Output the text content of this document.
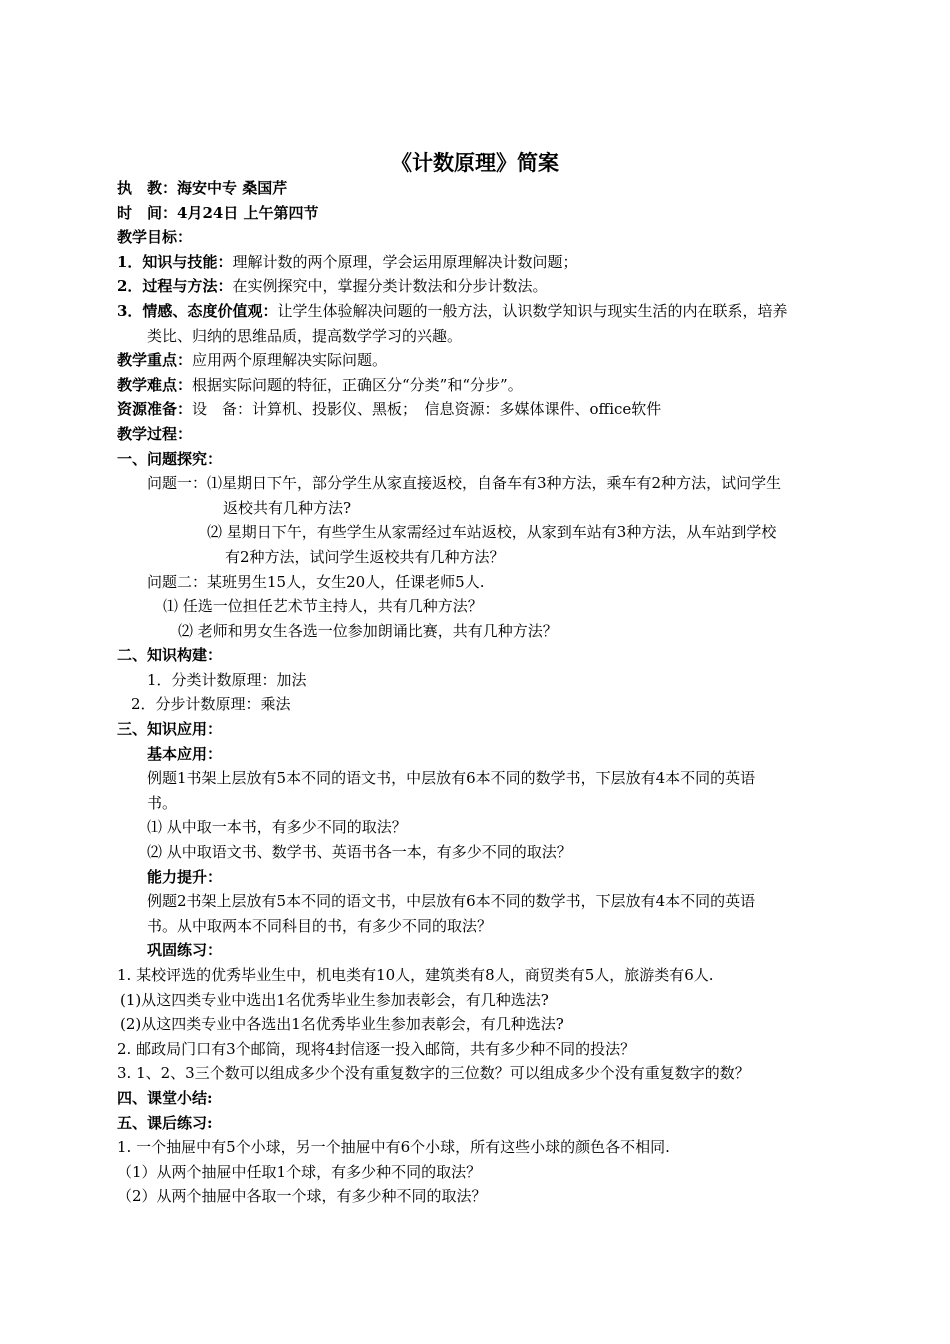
《计数原理》简案
执　教：海安中专 桑国芹
时　间：4月24日 上午第四节
教学目标：
1．知识与技能：理解计数的两个原理，学会运用原理解决计数问题；
2．过程与方法：在实例探究中，掌握分类计数法和分步计数法。
3．情感、态度价值观：让学生体验解决问题的一般方法，认识数学知识与现实生活的内在联系，培养
类比、归纳的思维品质，提高数学学习的兴趣。
教学重点：应用两个原理解决实际问题。
教学难点：根据实际问题的特征，正确区分“分类”和“分步”。
资源准备：设　备：计算机、投影仪、黑板；　信息资源：多媒体课件、office软件
教学过程：
一、问题探究：
问题一：⑴星期日下午，部分学生从家直接返校，自备车有3种方法，乘车有2种方法，试问学生
返校共有几种方法?
⑵ 星期日下午，有些学生从家需经过车站返校，从家到车站有3种方法，从车站到学校
有2种方法，试问学生返校共有几种方法？
问题二：某班男生15人，女生20人，任课老师5人.
⑴ 任选一位担任艺术节主持人，共有几种方法？
⑵ 老师和男女生各选一位参加朗诵比赛，共有几种方法？
二、知识构建：
1．分类计数原理：加法
2．分步计数原理：乘法
三、知识应用：
基本应用：
例题1书架上层放有5本不同的语文书，中层放有6本不同的数学书，下层放有4本不同的英语
书。
⑴ 从中取一本书，有多少不同的取法？
⑵ 从中取语文书、数学书、英语书各一本，有多少不同的取法？
能力提升：
例题2书架上层放有5本不同的语文书，中层放有6本不同的数学书，下层放有4本不同的英语
书。从中取两本不同科目的书，有多少不同的取法？
巩固练习：
1. 某校评选的优秀毕业生中，机电类有10人，建筑类有8人，商贸类有5人，旅游类有6人.
(1)从这四类专业中选出1名优秀毕业生参加表彰会，有几种选法?
(2)从这四类专业中各选出1名优秀毕业生参加表彰会，有几种选法?
2. 邮政局门口有3个邮筒，现将4封信逐一投入邮筒，共有多少种不同的投法？
3. 1、2、3三个数可以组成多少个没有重复数字的三位数？可以组成多少个没有重复数字的数？
四、课堂小结:
五、课后练习:
1. 一个抽屉中有5个小球，另一个抽屉中有6个小球，所有这些小球的颜色各不相同.
（1）从两个抽屉中任取1个球，有多少种不同的取法？
（2）从两个抽屉中各取一个球，有多少种不同的取法？
